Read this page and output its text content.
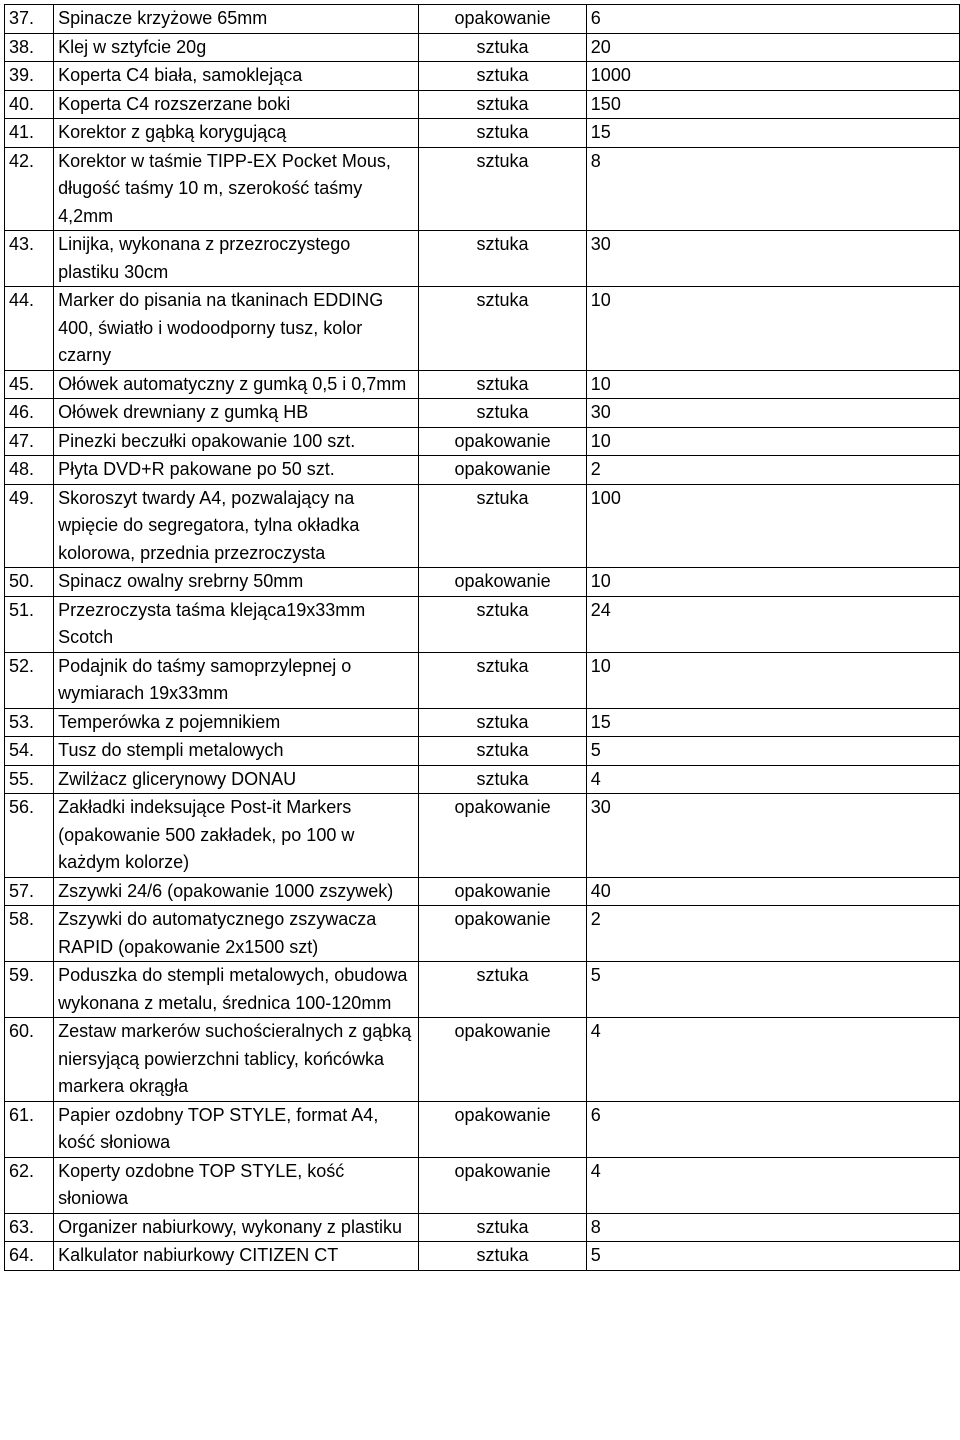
37.	Spinacze krzyżowe 65mm	opakowanie	6
38.	Klej w sztyfcie 20g	sztuka	20
39.	Koperta C4 biała, samoklejąca	sztuka	1000
40.	Koperta C4 rozszerzane boki	sztuka	150
41.	Korektor z gąbką korygującą	sztuka	15
42.	Korektor w taśmie TIPP-EX Pocket Mous, długość taśmy 10 m, szerokość taśmy 4,2mm	sztuka	8
43.	Linijka, wykonana z przezroczystego plastiku 30cm	sztuka	30
44.	Marker do pisania na tkaninach EDDING 400, światło i wodoodporny tusz, kolor czarny	sztuka	10
45.	Ołówek automatyczny z gumką 0,5 i 0,7mm	sztuka	10
46.	Ołówek drewniany z gumką HB	sztuka	30
47.	Pinezki beczułki opakowanie 100 szt.	opakowanie	10
48.	Płyta DVD+R pakowane po 50 szt.	opakowanie	2
49.	Skoroszyt twardy A4, pozwalający na wpięcie do segregatora, tylna okładka kolorowa, przednia przezroczysta	sztuka	100
50.	Spinacz owalny srebrny 50mm	opakowanie	10
51.	Przezroczysta taśma klejąca19x33mm Scotch	sztuka	24
52.	Podajnik do taśmy samoprzylepnej o wymiarach 19x33mm	sztuka	10
53.	Temperówka z pojemnikiem	sztuka	15
54.	Tusz do stempli metalowych	sztuka	5
55.	Zwilżacz glicerynowy DONAU	sztuka	4
56.	Zakładki indeksujące Post-it Markers (opakowanie 500 zakładek, po 100 w każdym kolorze)	opakowanie	30
57.	Zszywki 24/6 (opakowanie 1000 zszywek)	opakowanie	40
58.	Zszywki do automatycznego zszywacza RAPID (opakowanie 2x1500 szt)	opakowanie	2
59.	Poduszka do stempli metalowych, obudowa wykonana z metalu, średnica 100-120mm	sztuka	5
60.	Zestaw markerów suchościeralnych z gąbką niersyjącą powierzchni tablicy, końcówka markera okrągła	opakowanie	4
61.	Papier ozdobny TOP STYLE, format A4, kość słoniowa	opakowanie	6
62.	Koperty ozdobne TOP STYLE, kość słoniowa	opakowanie	4
63.	Organizer nabiurkowy, wykonany z plastiku	sztuka	8
64.	Kalkulator nabiurkowy CITIZEN CT	sztuka	5
